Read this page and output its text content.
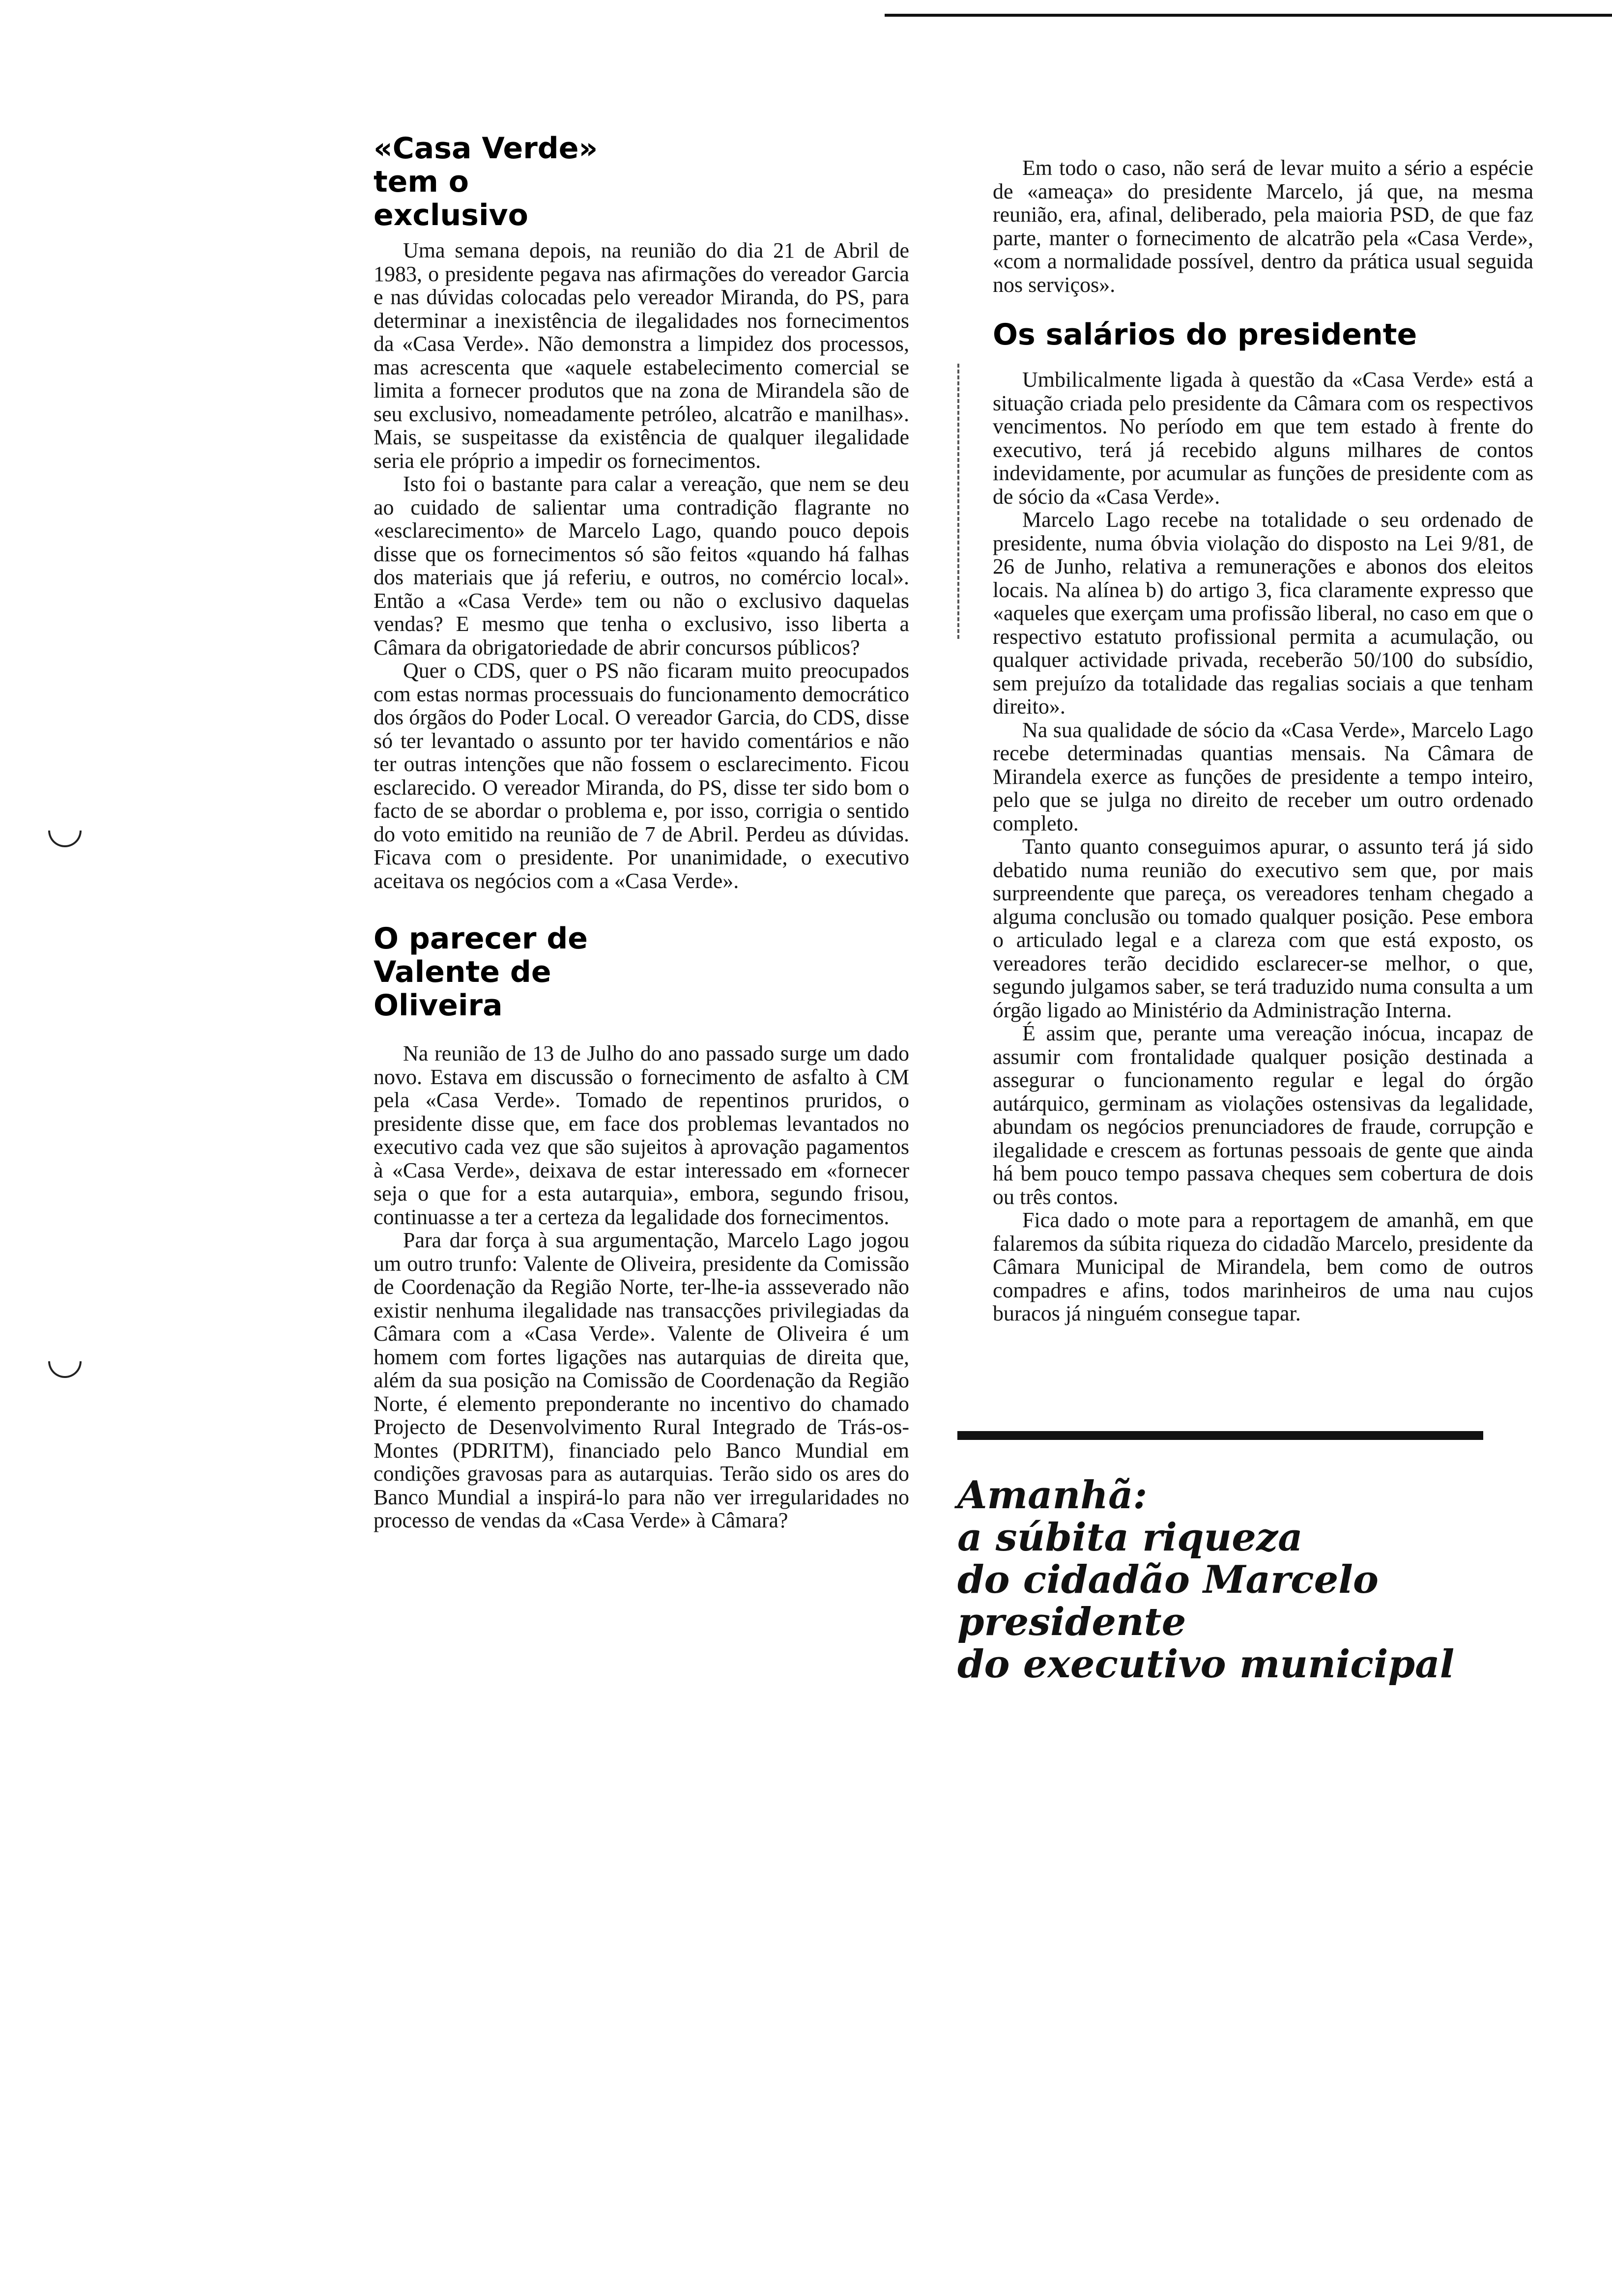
«Casa Verde» tem o exclusivo

Uma semana depois, na reunião do dia 21 de Abril de 1983, o presidente pegava nas afirmações do vereador Garcia e nas dúvidas colocadas pelo vereador Miranda, do PS, para determinar a inexistência de ilegalidades nos fornecimentos da «Casa Verde». Não demonstra a limpidez dos processos, mas acrescenta que «aquele estabelecimento comercial se limita a fornecer produtos que na zona de Mirandela são de seu exclusivo, nomeadamente petróleo, alcatrão e manilhas». Mais, se suspeitasse da existência de qualquer ilegalidade seria ele próprio a impedir os fornecimentos.

Isto foi o bastante para calar a vereação, que nem se deu ao cuidado de salientar uma contradição flagrante no «esclarecimento» de Marcelo Lago, quando pouco depois disse que os fornecimentos só são feitos «quando há falhas dos materiais que já referiu, e outros, no comércio local». Então a «Casa Verde» tem ou não o exclusivo daquelas vendas? E mesmo que tenha o exclusivo, isso liberta a Câmara da obrigatoriedade de abrir concursos públicos?

Quer o CDS, quer o PS não ficaram muito preocupados com estas normas processuais do funcionamento democrático dos órgãos do Poder Local. O vereador Garcia, do CDS, disse só ter levantado o assunto por ter havido comentários e não ter outras intenções que não fossem o esclarecimento. Ficou esclarecido. O vereador Miranda, do PS, disse ter sido bom o facto de se abordar o problema e, por isso, corrigia o sentido do voto emitido na reunião de 7 de Abril. Perdeu as dúvidas. Ficava com o presidente. Por unanimidade, o executivo aceitava os negócios com a «Casa Verde».

O parecer de Valente de Oliveira

Na reunião de 13 de Julho do ano passado surge um dado novo. Estava em discussão o fornecimento de asfalto à CM pela «Casa Verde». Tomado de repentinos pruridos, o presidente disse que, em face dos problemas levantados no executivo cada vez que são sujeitos à aprovação pagamentos à «Casa Verde», deixava de estar interessado em «fornecer seja o que for a esta autarquia», embora, segundo frisou, continuasse a ter a certeza da legalidade dos fornecimentos.

Para dar força à sua argumentação, Marcelo Lago jogou um outro trunfo: Valente de Oliveira, presidente da Comissão de Coordenação da Região Norte, ter-lhe-ia assseverado não existir nenhuma ilegalidade nas transacções privilegiadas da Câmara com a «Casa Verde». Valente de Oliveira é um homem com fortes ligações nas autarquias de direita que, além da sua posição na Comissão de Coordenação da Região Norte, é elemento preponderante no incentivo do chamado Projecto de Desenvolvimento Rural Integrado de Trás-os-Montes (PDRITM), financiado pelo Banco Mundial em condições gravosas para as autarquias. Terão sido os ares do Banco Mundial a inspirá-lo para não ver irregularidades no processo de vendas da «Casa Verde» à Câmara?

Em todo o caso, não será de levar muito a sério a espécie de «ameaça» do presidente Marcelo, já que, na mesma reunião, era, afinal, deliberado, pela maioria PSD, de que faz parte, manter o fornecimento de alcatrão pela «Casa Verde», «com a normalidade possível, dentro da prática usual seguida nos serviços».

Os salários do presidente

Umbilicalmente ligada à questão da «Casa Verde» está a situação criada pelo presidente da Câmara com os respectivos vencimentos. No período em que tem estado à frente do executivo, terá já recebido alguns milhares de contos indevidamente, por acumular as funções de presidente com as de sócio da «Casa Verde».

Marcelo Lago recebe na totalidade o seu ordenado de presidente, numa óbvia violação do disposto na Lei 9/81, de 26 de Junho, relativa a remunerações e abonos dos eleitos locais. Na alínea b) do artigo 3, fica claramente expresso que «aqueles que exerçam uma profissão liberal, no caso em que o respectivo estatuto profissional permita a acumulação, ou qualquer actividade privada, receberão 50/100 do subsídio, sem prejuízo da totalidade das regalias sociais a que tenham direito».

Na sua qualidade de sócio da «Casa Verde», Marcelo Lago recebe determinadas quantias mensais. Na Câmara de Mirandela exerce as funções de presidente a tempo inteiro, pelo que se julga no direito de receber um outro ordenado completo.

Tanto quanto conseguimos apurar, o assunto terá já sido debatido numa reunião do executivo sem que, por mais surpreendente que pareça, os vereadores tenham chegado a alguma conclusão ou tomado qualquer posição. Pese embora o articulado legal e a clareza com que está exposto, os vereadores terão decidido esclarecer-se melhor, o que, segundo julgamos saber, se terá traduzido numa consulta a um órgão ligado ao Ministério da Administração Interna.

É assim que, perante uma vereação inócua, incapaz de assumir com frontalidade qualquer posição destinada a assegurar o funcionamento regular e legal do órgão autárquico, germinam as violações ostensivas da legalidade, abundam os negócios prenunciadores de fraude, corrupção e ilegalidade e crescem as fortunas pessoais de gente que ainda há bem pouco tempo passava cheques sem cobertura de dois ou três contos.

Fica dado o mote para a reportagem de amanhã, em que falaremos da súbita riqueza do cidadão Marcelo, presidente da Câmara Municipal de Mirandela, bem como de outros compadres e afins, todos marinheiros de uma nau cujos buracos já ninguém consegue tapar.

Amanhã:
a súbita riqueza
do cidadão Marcelo
presidente
do executivo municipal
